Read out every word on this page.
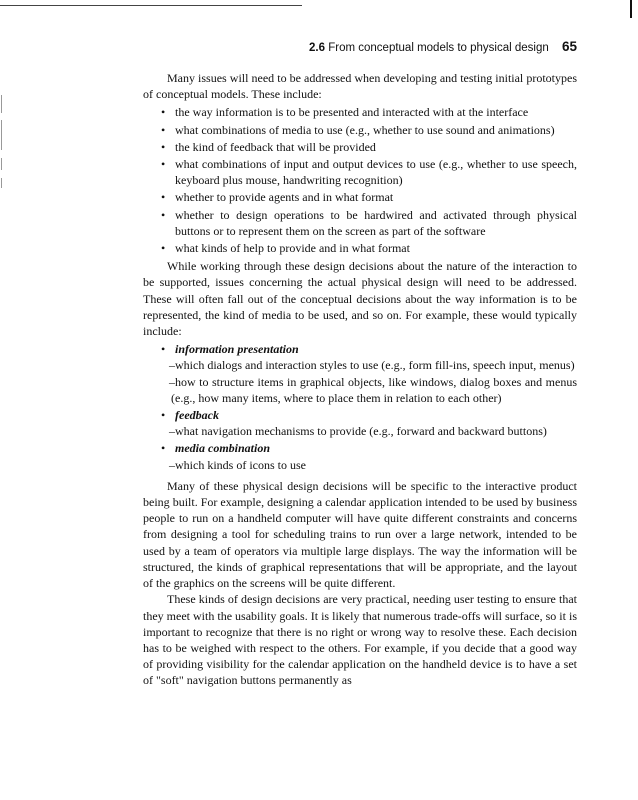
2.6 From conceptual models to physical design 65

Many issues will need to be addressed when developing and testing initial prototypes of conceptual models. These include:

• the way information is to be presented and interacted with at the interface
• what combinations of media to use (e.g., whether to use sound and animations)
• the kind of feedback that will be provided
• what combinations of input and output devices to use (e.g., whether to use speech, keyboard plus mouse, handwriting recognition)
• whether to provide agents and in what format
• whether to design operations to be hardwired and activated through physical buttons or to represent them on the screen as part of the software
• what kinds of help to provide and in what format

While working through these design decisions about the nature of the interaction to be supported, issues concerning the actual physical design will need to be addressed. These will often fall out of the conceptual decisions about the way information is to be represented, the kind of media to be used, and so on. For example, these would typically include:

• information presentation
–which dialogs and interaction styles to use (e.g., form fill-ins, speech input, menus)
–how to structure items in graphical objects, like windows, dialog boxes and menus (e.g., how many items, where to place them in relation to each other)
• feedback
–what navigation mechanisms to provide (e.g., forward and backward buttons)
• media combination
–which kinds of icons to use

Many of these physical design decisions will be specific to the interactive product being built. For example, designing a calendar application intended to be used by business people to run on a handheld computer will have quite different constraints and concerns from designing a tool for scheduling trains to run over a large network, intended to be used by a team of operators via multiple large displays. The way the information will be structured, the kinds of graphical representations that will be appropriate, and the layout of the graphics on the screens will be quite different.

These kinds of design decisions are very practical, needing user testing to ensure that they meet with the usability goals. It is likely that numerous trade-offs will surface, so it is important to recognize that there is no right or wrong way to resolve these. Each decision has to be weighed with respect to the others. For example, if you decide that a good way of providing visibility for the calendar application on the handheld device is to have a set of "soft" navigation buttons permanently as
